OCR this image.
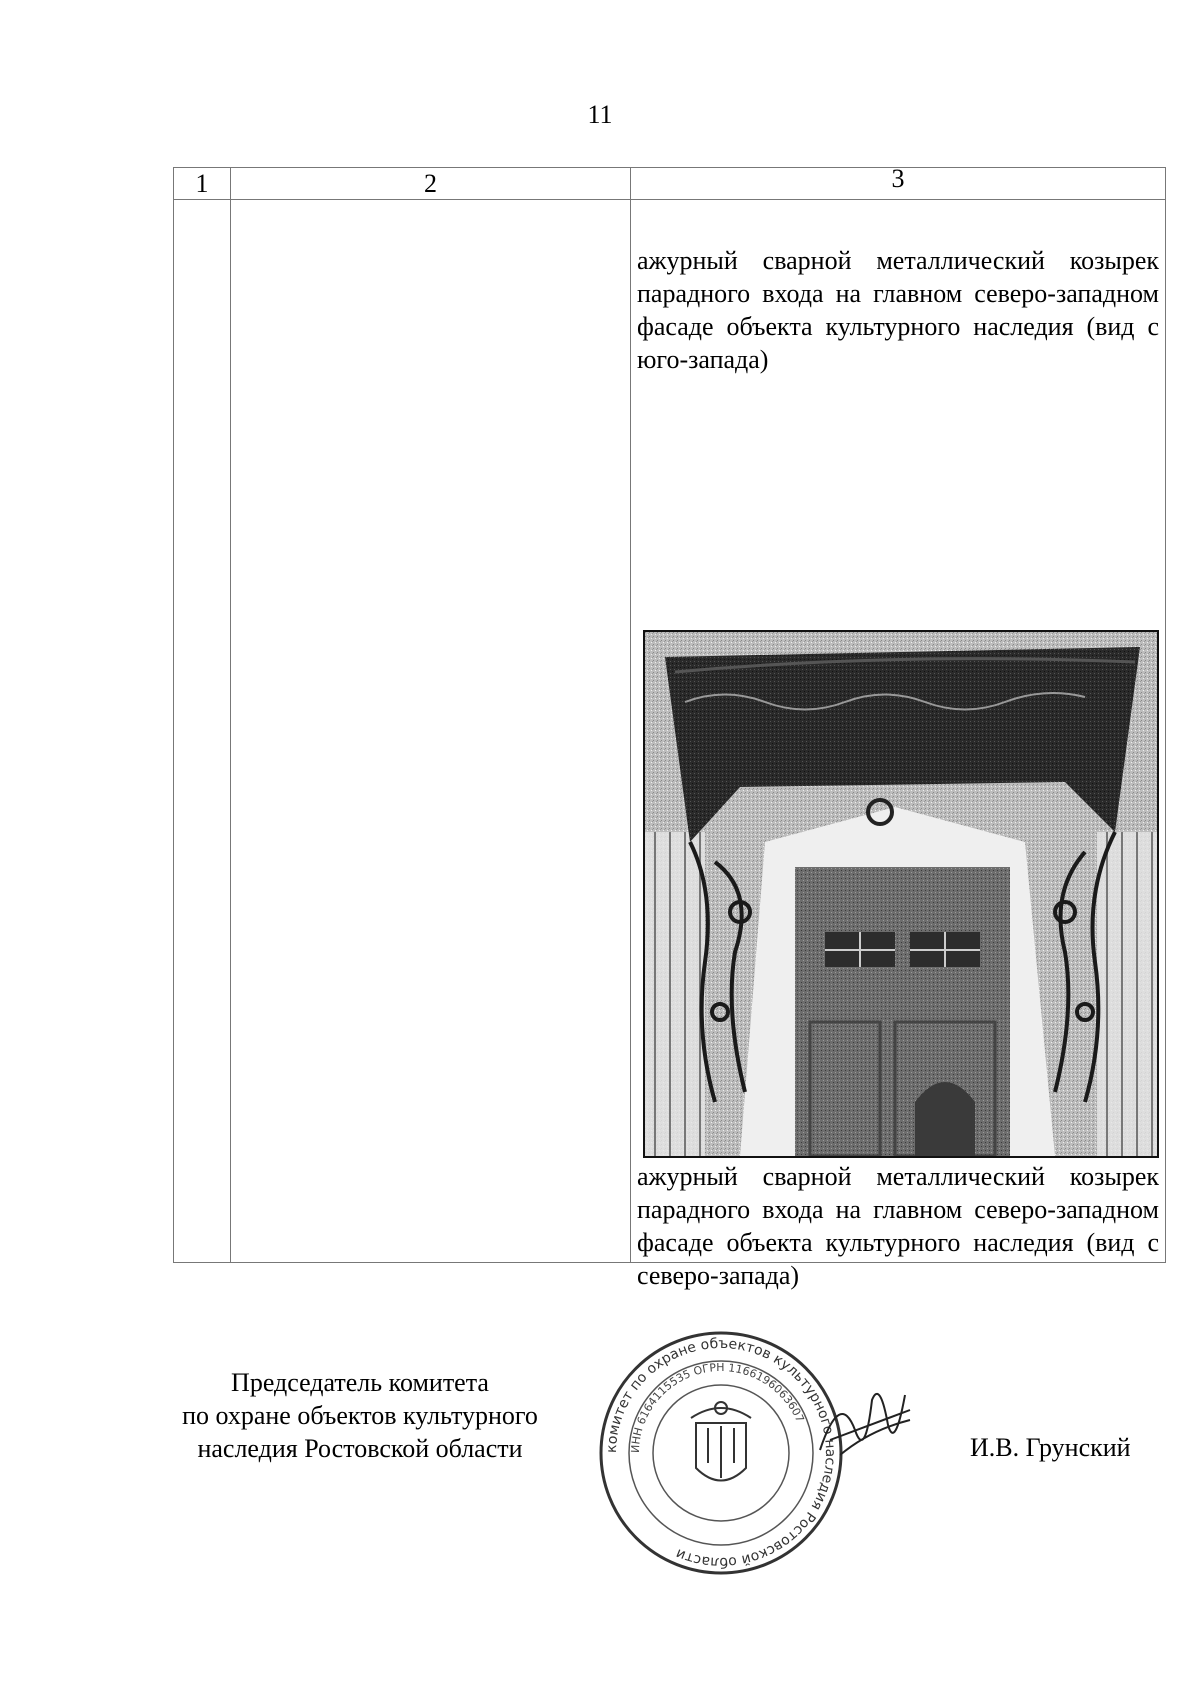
11
1	2	3

		ажурный сварной металлический козырек парадного входа на главном северо-западном фасаде объекта культурного наследия (вид с юго-запада)

ажурный сварной металлический козырек парадного входа на главном северо-западном фасаде объекта культурного наследия (вид с северо-запада)

Председатель комитета
по охране объектов культурного
наследия Ростовской области	комитет по охране объектов культурного наследия Ростовской области
ИНН 6164115535 ОГРН 1166196063607
И.В. Грунский
